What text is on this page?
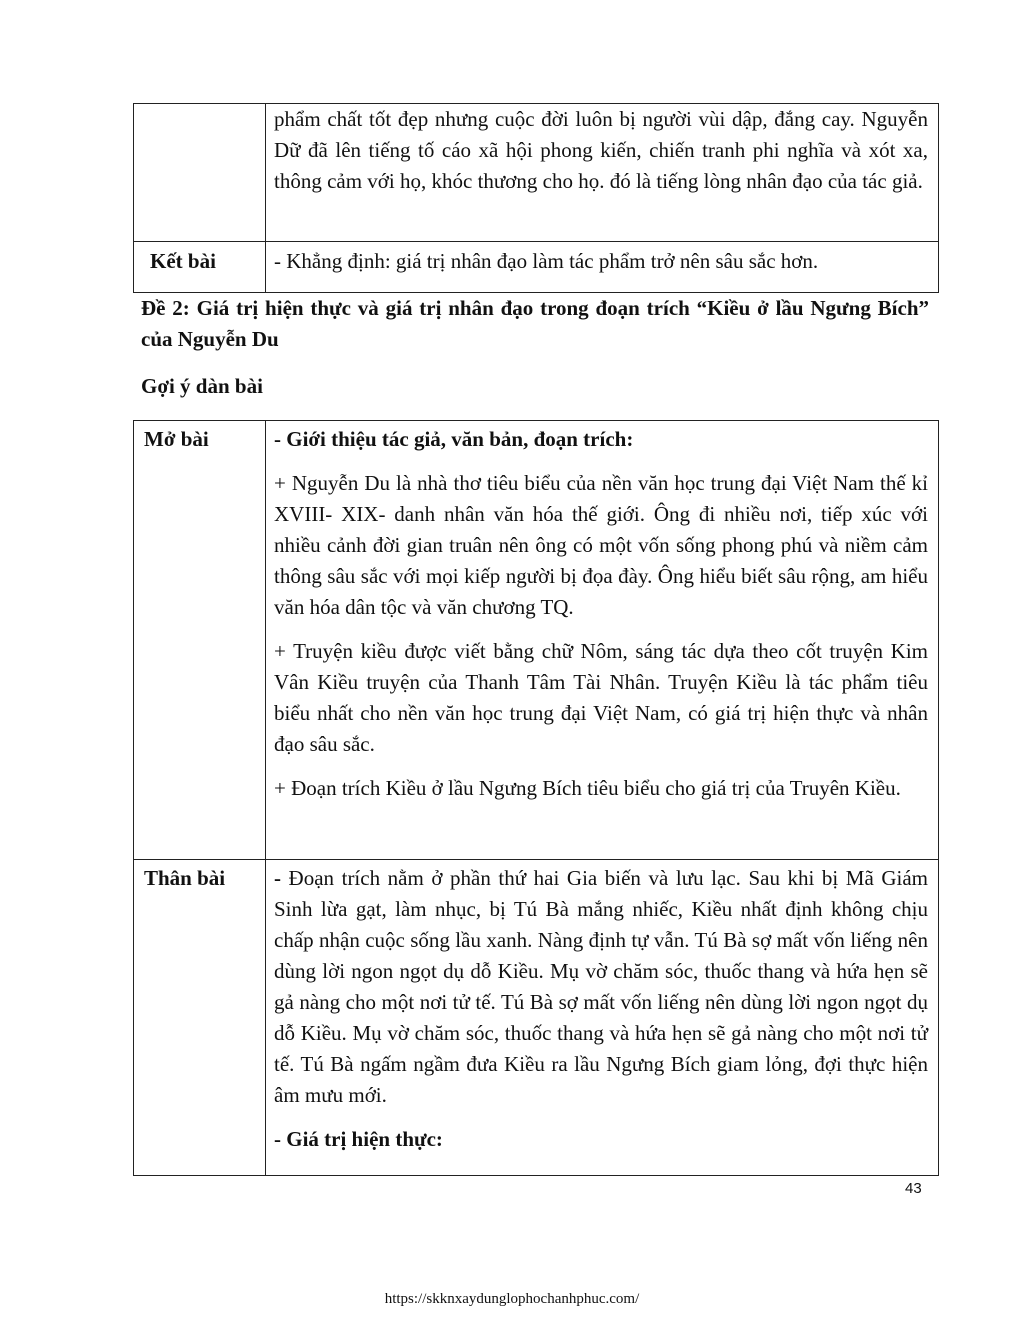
	phẩm chất tốt đẹp nhưng cuộc đời luôn bị người vùi dập, đắng cay. Nguyễn Dữ đã lên tiếng tố cáo xã hội phong kiến, chiến tranh phi nghĩa và xót xa, thông cảm với họ, khóc thương cho họ. đó là tiếng lòng nhân đạo của tác giả.

Kết bài	- Khẳng định: giá trị nhân đạo làm tác phẩm trở nên sâu sắc hơn.
Đề 2: Giá trị hiện thực và giá trị nhân đạo trong đoạn trích “Kiều ở lầu Ngưng Bích” của Nguyễn Du
Gợi ý dàn bài
Mở bài	- Giới thiệu tác giả, văn bản, đoạn trích:

+ Nguyễn Du là nhà thơ tiêu biểu của nền văn học trung đại Việt Nam thế kỉ XVIII- XIX- danh nhân văn hóa thế giới. Ông đi nhiều nơi, tiếp xúc với nhiều cảnh đời gian truân nên ông có một vốn sống phong phú và niềm cảm thông sâu sắc với mọi kiếp người bị đọa đày. Ông hiểu biết sâu rộng, am hiểu văn hóa dân tộc và văn chương TQ.

+ Truyện kiều được viết bằng chữ Nôm, sáng tác dựa theo cốt truyện Kim Vân Kiều truyện của Thanh Tâm Tài Nhân. Truyện Kiều là tác phẩm tiêu biểu nhất cho nền văn học trung đại Việt Nam, có giá trị hiện thực và nhân đạo sâu sắc.

+ Đoạn trích Kiều ở lầu Ngưng Bích tiêu biểu cho giá trị của Truyên Kiều.

Thân bài	- Đoạn trích nằm ở phần thứ hai Gia biến và lưu lạc. Sau khi bị Mã Giám Sinh lừa gạt, làm nhục, bị Tú Bà mắng nhiếc, Kiều nhất định không chịu chấp nhận cuộc sống lầu xanh. Nàng định tự vẫn. Tú Bà sợ mất vốn liếng nên dùng lời ngon ngọt dụ dỗ Kiều. Mụ vờ chăm sóc, thuốc thang và hứa hẹn sẽ gả nàng cho một nơi tử tế. Tú Bà sợ mất vốn liếng nên dùng lời ngon ngọt dụ dỗ Kiều. Mụ vờ chăm sóc, thuốc thang và hứa hẹn sẽ gả nàng cho một nơi tử tế. Tú Bà ngấm ngầm đưa Kiều ra lầu Ngưng Bích giam lỏng, đợi thực hiện âm mưu mới.

- Giá trị hiện thực:

43
https://skknxaydunglophochanhphuc.com/
